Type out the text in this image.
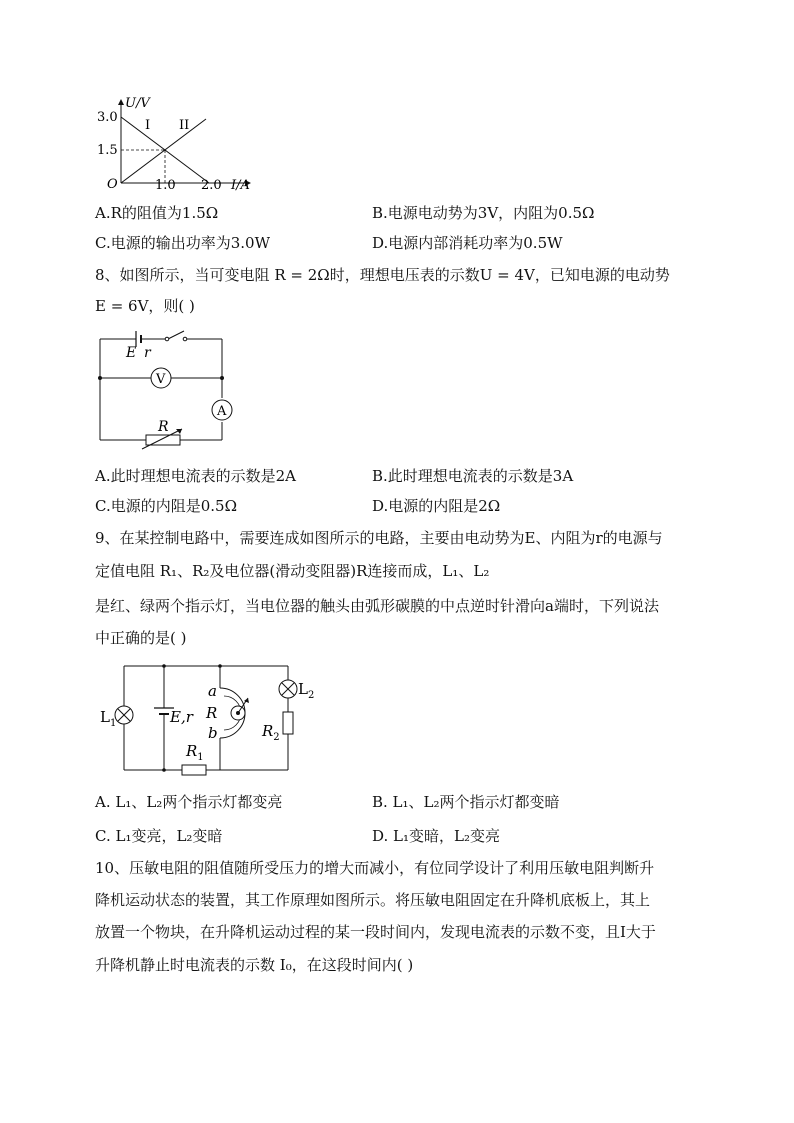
U/V
3.0
1.5
O	1.0 2.0 I/A
I II
A.R的阻值为1.5Ω	B.电源电动势为3V，内阻为0.5Ω
C.电源的输出功率为3.0W	D.电源内部消耗功率为0.5W
8、如图所示，当可变电阻 R = 2Ω时，理想电压表的示数U = 4V，已知电源的电动势
E = 6V，则( )
E r
V
A
R
A.此时理想电流表的示数是2A	B.此时理想电流表的示数是3A
C.电源的内阻是0.5Ω	D.电源的内阻是2Ω
9、在某控制电路中，需要连成如图所示的电路，主要由电动势为E、内阻为r的电源与
定值电阻 R₁、R₂及电位器(滑动变阻器)R连接而成，L₁、L₂
是红、绿两个指示灯，当电位器的触头由弧形碳膜的中点逆时针滑向a端时，下列说法
中正确的是( )
$L_1$	E,r
a
R
b
$R_1$
$R_2$
$L_2$
A. L₁、L₂两个指示灯都变亮	B. L₁、L₂两个指示灯都变暗
C. L₁变亮，L₂变暗	D. L₁变暗，L₂变亮
10、压敏电阻的阻值随所受压力的增大而减小，有位同学设计了利用压敏电阻判断升
降机运动状态的装置，其工作原理如图所示。将压敏电阻固定在升降机底板上，其上
放置一个物块，在升降机运动过程的某一段时间内，发现电流表的示数不变，且I大于
升降机静止时电流表的示数 I₀，在这段时间内( )
